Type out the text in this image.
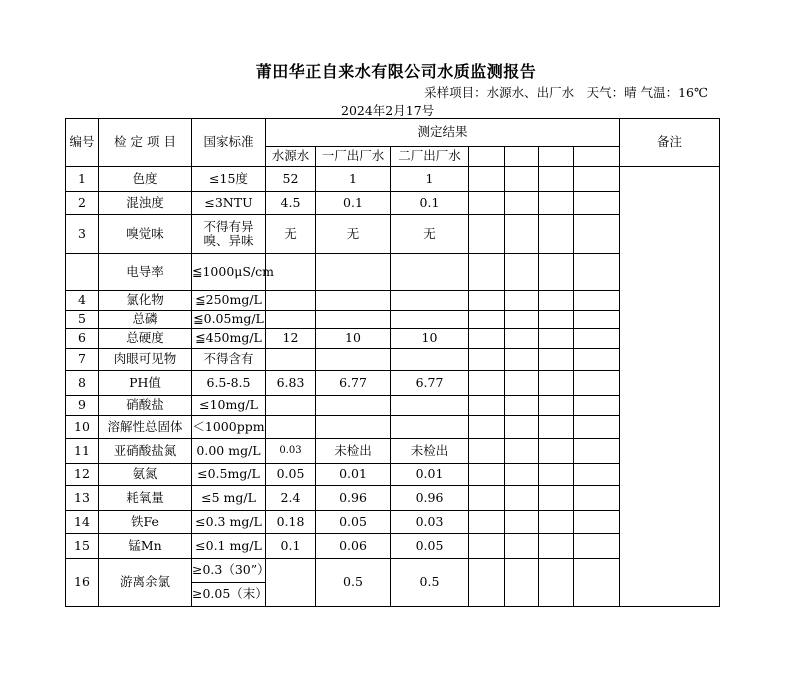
莆田华正自来水有限公司水质监测报告
采样项目：水源水、出厂水　天气：晴 气温：16℃
2024年2月17号
编号	检 定 项 目	国家标准	测定结果							备注
			水源水	一厂出厂水	二厂出厂水					
1	色度	≤15度	52	1	1					
2	混浊度	≤3NTU	4.5	0.1	0.1					
3	嗅觉味	不得有异嗅、异味	无	无	无					
	电导率	≦1000μS/cm								
4	氯化物	≦250mg/L								
5	总磷	≦0.05mg/L								
6	总硬度	≦450mg/L	12	10	10					
7	肉眼可见物	不得含有								
8	PH值	6.5-8.5	6.83	6.77	6.77					
9	硝酸盐	≤10mg/L								
10	溶解性总固体	＜1000ppm								
11	亚硝酸盐氮	0.00 mg/L	0.03	未检出	未检出					
12	氨氮	≤0.5mg/L	0.05	0.01	0.01					
13	耗氧量	≤5 mg/L	2.4	0.96	0.96					
14	铁Fe	≤0.3 mg/L	0.18	0.05	0.03					
15	锰Mn	≤0.1 mg/L	0.1	0.06	0.05					
16	游离余氯	≥0.3（30”）		0.5	0.5					
		≥0.05（末）								
